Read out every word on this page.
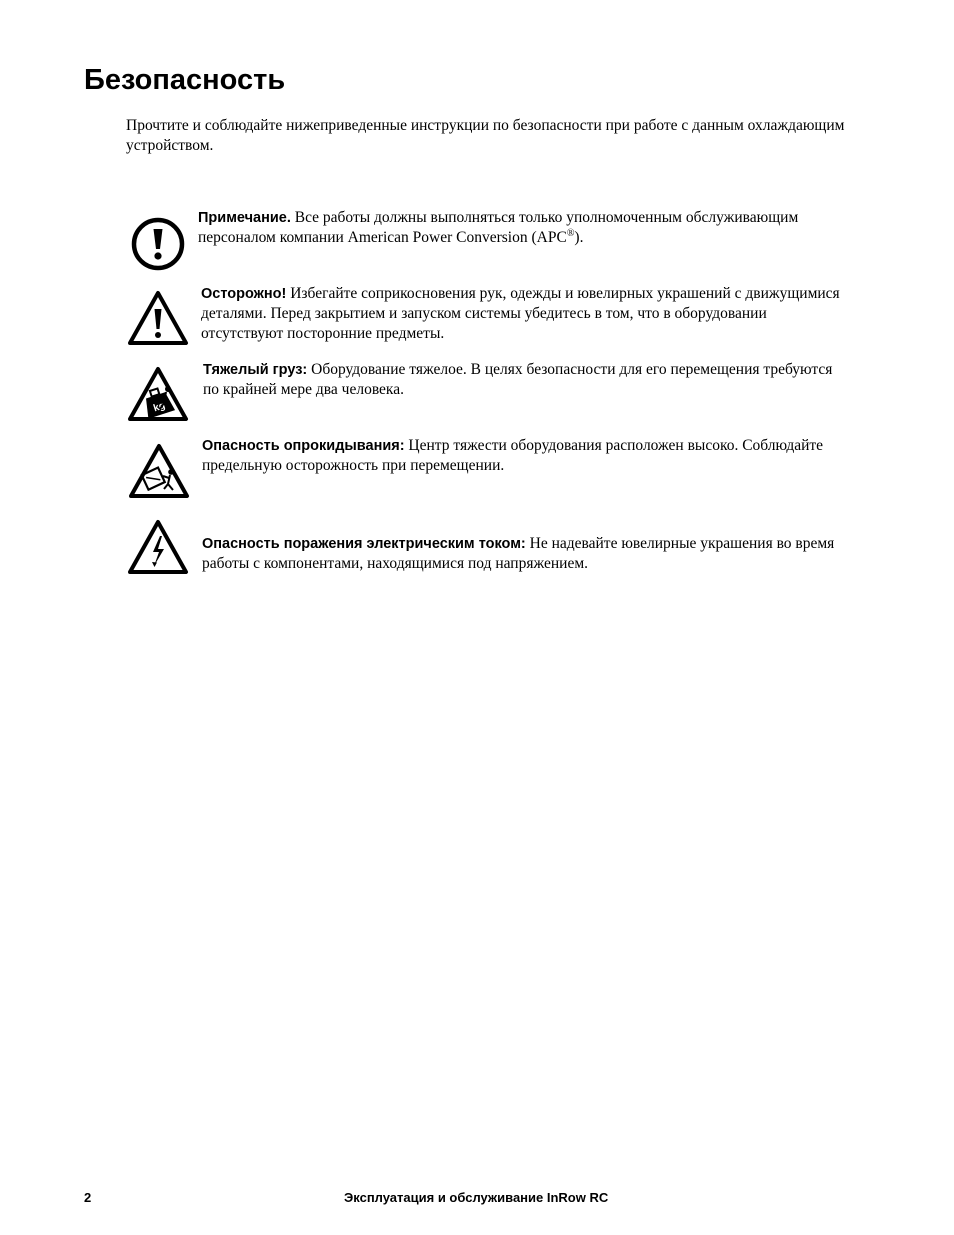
Безопасность

Прочтите и соблюдайте нижеприведенные инструкции по безопасности при работе с данным охлаждающим устройством.

Примечание. Все работы должны выполняться только уполномоченным обслуживающим персоналом компании American Power Conversion (APC®).
Осторожно! Избегайте соприкосновения рук, одежды и ювелирных украшений с движущимися деталями. Перед закрытием и запуском системы убедитесь в том, что в оборудовании отсутствуют посторонние предметы.
kg
Тяжелый груз: Оборудование тяжелое. В целях безопасности для его перемещения требуются по крайней мере два человека.
Опасность опрокидывания: Центр тяжести оборудования расположен высоко. Соблюдайте предельную осторожность при перемещении.
Опасность поражения электрическим током: Не надевайте ювелирные украшения во время работы с компонентами, находящимися под напряжением.
2	Эксплуатация и обслуживание InRow RC
